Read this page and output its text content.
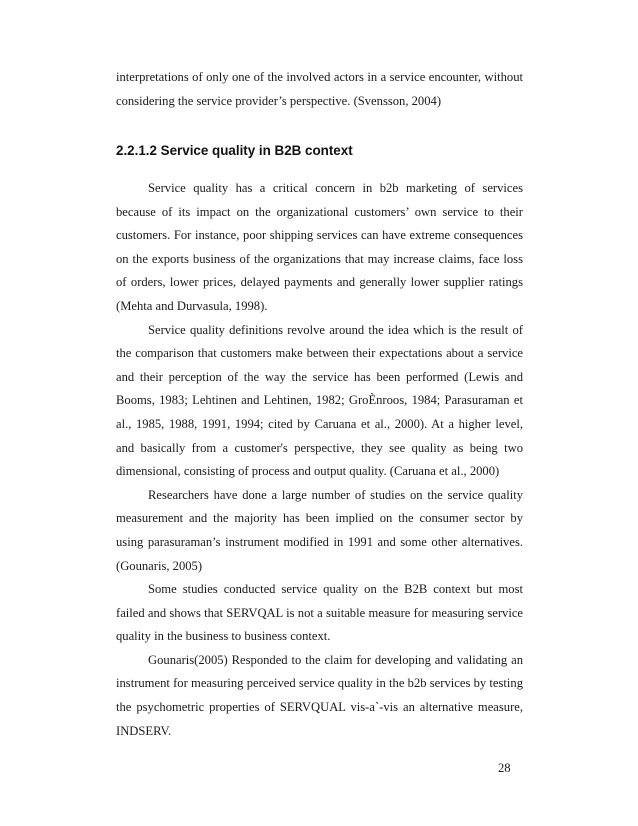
interpretations of only one of the involved actors in a service encounter, without considering the service provider’s perspective. (Svensson, 2004)

2.2.1.2 Service quality in B2B context

Service quality has a critical concern in b2b marketing of services because of its impact on the organizational customers’ own service to their customers. For instance, poor shipping services can have extreme consequences on the exports business of the organizations that may increase claims, face loss of orders, lower prices, delayed payments and generally lower supplier ratings (Mehta and Durvasula, 1998).

Service quality definitions revolve around the idea which is the result of the comparison that customers make between their expectations about a service and their perception of the way the service has been performed (Lewis and Booms, 1983; Lehtinen and Lehtinen, 1982; GroÈnroos, 1984; Parasuraman et al., 1985, 1988, 1991, 1994; cited by Caruana et al., 2000). At a higher level, and basically from a customer's perspective, they see quality as being two dimensional, consisting of process and output quality. (Caruana et al., 2000)

Researchers have done a large number of studies on the service quality measurement and the majority has been implied on the consumer sector by using parasuraman’s instrument modified in 1991 and some other alternatives. (Gounaris, 2005)

Some studies conducted service quality on the B2B context but most failed and shows that SERVQAL is not a suitable measure for measuring service quality in the business to business context.

Gounaris(2005) Responded to the claim for developing and validating an instrument for measuring perceived service quality in the b2b services by testing the psychometric properties of SERVQUAL vis-a`-vis an alternative measure, INDSERV.

28
